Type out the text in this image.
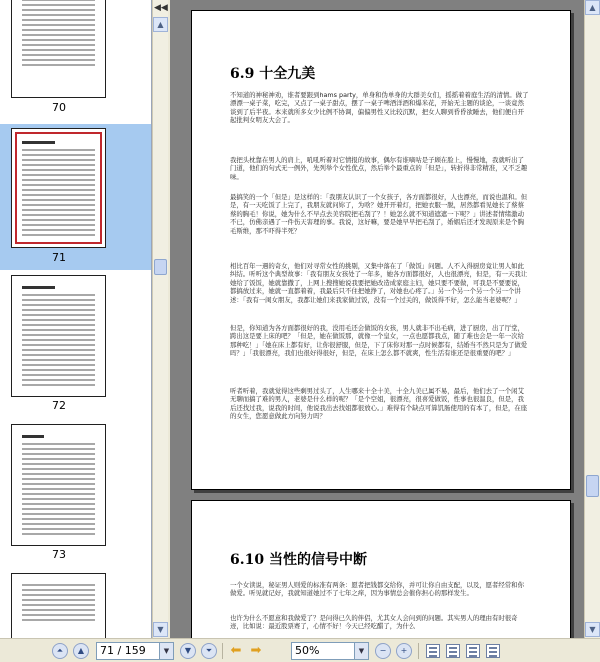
70
71
72
73
▲
▼
◀◀
6.9 十全九美
不知道的神秘神劝，谁者要跟到hams party，单身和伪单身的大群美女们，摇摇着着庭生活的清情。做了漂漂一桌子菜，吃完，又点了一桌子甜点，摆了一桌子啤酒洋酒和爆米花，开始无主题的谈论，一谈竟然谈到了后半夜。本来就所多女少比例不协调，偏偏男性又比较沉默，把女人聊到昏昏欲睡去，他们便自开起批判女明友大会了。
我把头枕靠在男人的肩上，吼吼听着对它情报的故事，偶尔有谁嘀咕是子顾在脸上，慢慢地，我就听出了门道，他们的句式无一例外，先列举个女性优点，然后举个最重点的「但是」，转折得非常精准，又不乏趣味。
最搞笑的一个「但是」是这样的：「我朋友认识了一个女孩子，各方面都很好，人也漂亮，而说也温和。但是，有一天吃饭了上完了，我朋友就问妳了，为啥？她开开着灯，把她衣服一脱，居然都看见她长了蔡蔡蔡的胸毛！你说，她为什么不早点去美容院把毛刮了？！她怎么就不知道遮遮一下呢？」讲述者情绪激动不已，仿佛亲遇了一件伤天害理的事。我说，这好嘛，要是她早早把毛刮了，婚姻后还才发现原来是个胸毛斯维，那不吓得半死？
相比百年一遇的奇女，他们对寻常女性的挑剔，又集中落在了「做饭」问题。人不入得厨房竟让男人如此纠结。听听这个典型故事：「我有朋友女孩处了一年多，她各方面都很好，人也很漂亮，但是，有一天我让她给了饭饭，她就靠撒了，上网上搜搜她说我要把她改造成家庭主妇，她只要不要做，可我是不要要说，都搞放过来，她就一直都着着，我最后只不住把她挣了，对她也心疼了。」另一个另一个另一个另一个讲述：「我有一闺女朋友，我都让她们来我家做过饭，没有一个过关的，做饭得不好，怎么能当老婆呢？」
但是，你知道为各方面都很好的我，没用毛还会做饭的女孩，男人就非不出毛病，进了厨房，出了厅堂，跨出这是要上床的吧？「但是，她在做饭那，就像一个皇女，一点也愿都我点，随了难也会是一年一次给那种吃！」「她在床上都有好，让你很舒服，但是，下了床你对那一点时候都有，结婚当不然只是为了做爱吗？」「我很漂亮，我们也很好得很好，但是，在床上怎么都不就爽，性生活有谁还是很重要的吧？」
听者听着，我就觉得这些剩男过头了，人生哪来十全十美，十全九美已属不易，最后，他们去了一个闲艾无聊而搞了难的男人，老婆是什么样的呢？「是个空姐，很漂亮，很喜爱做饭，性事也很温良，但是，我后还找过我，说我的时间，他说我出去找姐都很放心。」难得有个缺点可算饥肠使用的有本了，但是，在座的女生，您愿意做此方向努力吗？
6.10 当性的信号中断
一个女读说，秘证男人则爱的标准有两条：愿者把钱都交给你，并可让你自由支配，以及，愿者经常和你做爱。听见就记好，我就知道她过不了七年之痒，因为事情总会催你担心的那样发生。
也许为什么不愿意和我做爱了？是问得已久的伴侣，尤其女人会问到的问题。其实男人的理由有时很奇迹，比如说：最近股票赛了，心情不好！今天已经吃醋了，为什么
▲
▼
⏶	▲	71 / 159	▼	▼	⏷	⬅ ➡	50%	▼	−	+
